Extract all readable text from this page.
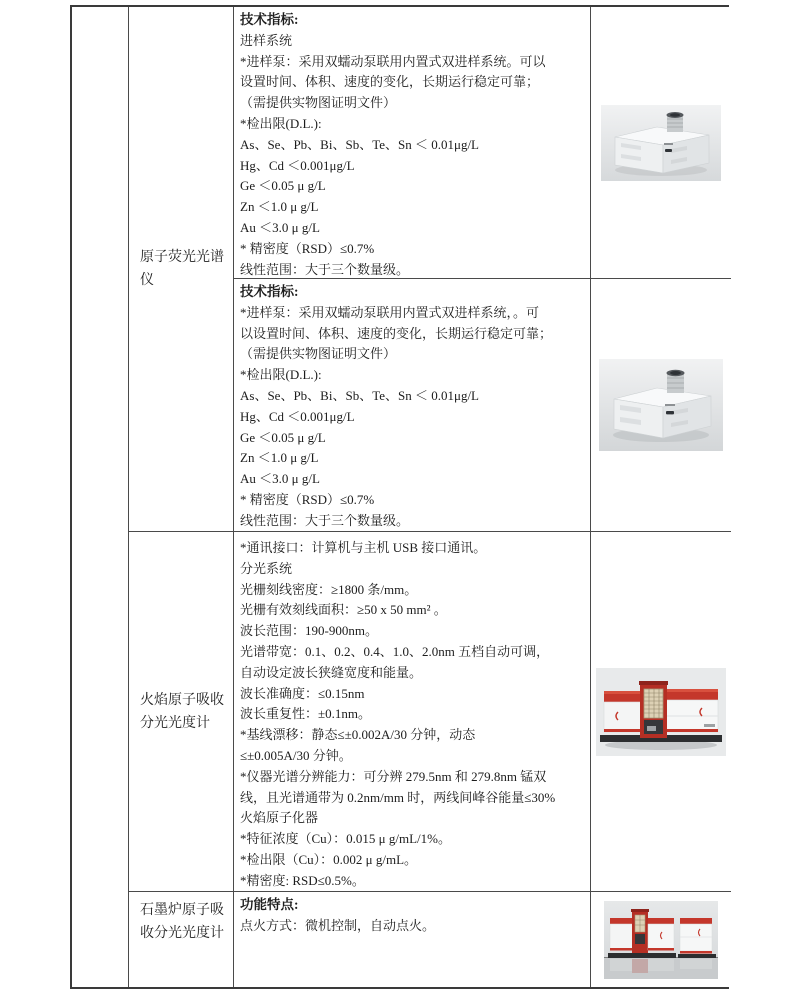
原子荧光光谱仪
火焰原子吸收分光光度计
石墨炉原子吸收分光光度计
技术指标:
进样系统
*进样泵：采用双蠕动泵联用内置式双进样系统。可以
设置时间、体积、速度的变化，长期运行稳定可靠；
（需提供实物图证明文件）
*检出限(D.L.):
As、Se、Pb、Bi、Sb、Te、Sn ＜ 0.01μg/L
Hg、Cd ＜0.001μg/L
Ge ＜0.05 μ g/L
Zn ＜1.0 μ g/L
Au ＜3.0 μ g/L
* 精密度（RSD）≤0.7%
线性范围：大于三个数量级。
技术指标:
*进样泵：采用双蠕动泵联用内置式双进样系统，。可
以设置时间、体积、速度的变化，长期运行稳定可靠；
（需提供实物图证明文件）
*检出限(D.L.):
As、Se、Pb、Bi、Sb、Te、Sn ＜ 0.01μg/L
Hg、Cd ＜0.001μg/L
Ge ＜0.05 μ g/L
Zn ＜1.0 μ g/L
Au ＜3.0 μ g/L
* 精密度（RSD）≤0.7%
线性范围：大于三个数量级。
*通讯接口：计算机与主机 USB 接口通讯。
分光系统
光栅刻线密度：≥1800 条/mm。
光栅有效刻线面积：≥50 x 50 mm² 。
波长范围：190-900nm。
光谱带宽：0.1、0.2、0.4、1.0、2.0nm 五档自动可调，
自动设定波长狭缝宽度和能量。
波长准确度：≤0.15nm
波长重复性：±0.1nm。
*基线漂移：静态≤±0.002A/30 分钟，动态
≤±0.005A/30 分钟。
*仪器光谱分辨能力：可分辨 279.5nm 和 279.8nm 锰双
线，且光谱通带为 0.2nm/mm 时，两线间峰谷能量≤30%
火焰原子化器
*特征浓度（Cu）：0.015 μ g/mL/1%。
*检出限（Cu）：0.002 μ g/mL。
*精密度: RSD≤0.5%。
功能特点:
点火方式：微机控制，自动点火。
